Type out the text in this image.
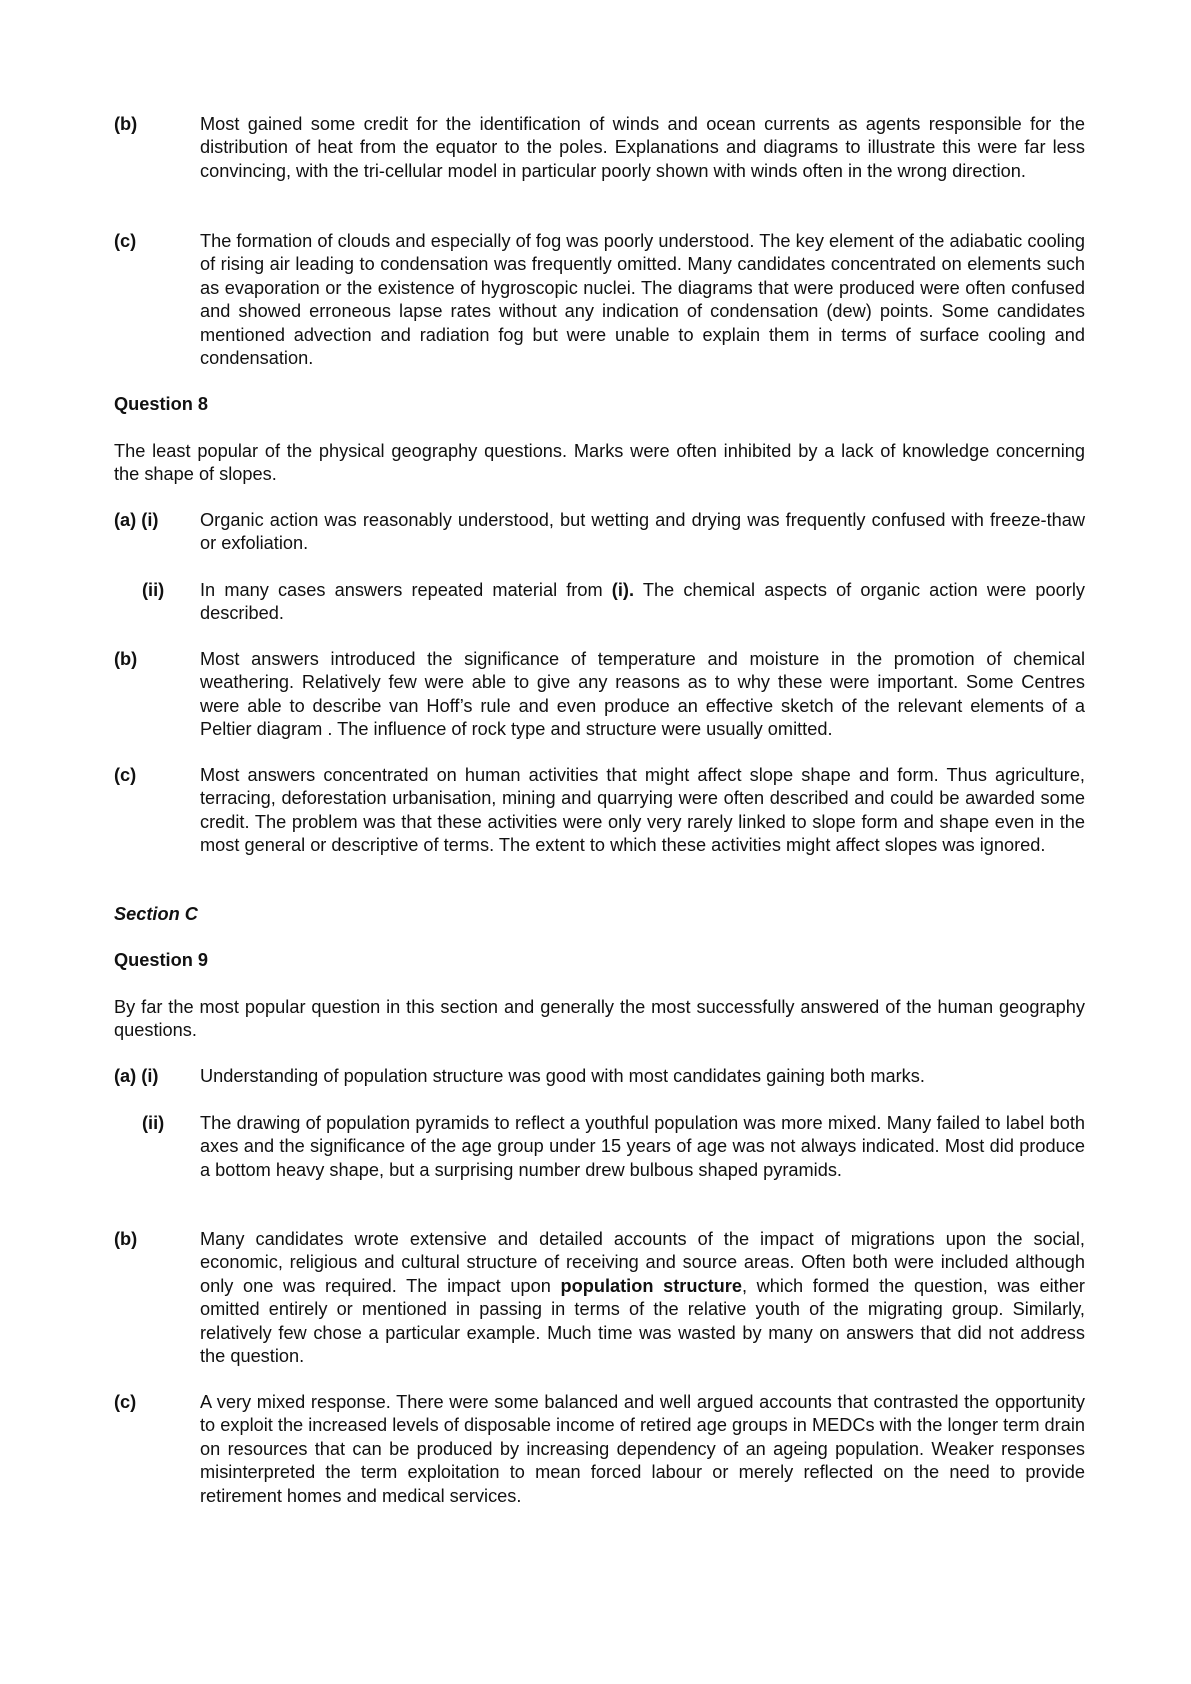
(b)	Most gained some credit for the identification of winds and ocean currents as agents responsible for the distribution of heat from the equator to the poles. Explanations and diagrams to illustrate this were far less convincing, with the tri-cellular model in particular poorly shown with winds often in the wrong direction.
(c)	The formation of clouds and especially of fog was poorly understood. The key element of the adiabatic cooling of rising air leading to condensation was frequently omitted. Many candidates concentrated on elements such as evaporation or the existence of hygroscopic nuclei. The diagrams that were produced were often confused and showed erroneous lapse rates without any indication of condensation (dew) points. Some candidates mentioned advection and radiation fog but were unable to explain them in terms of surface cooling and condensation.
Question 8
The least popular of the physical geography questions. Marks were often inhibited by a lack of knowledge concerning the shape of slopes.
(a) (i) Organic action was reasonably understood, but wetting and drying was frequently confused with freeze-thaw or exfoliation.
(ii) In many cases answers repeated material from (i). The chemical aspects of organic action were poorly described.
(b)	Most answers introduced the significance of temperature and moisture in the promotion of chemical weathering. Relatively few were able to give any reasons as to why these were important. Some Centres were able to describe van Hoff’s rule and even produce an effective sketch of the relevant elements of a Peltier diagram . The influence of rock type and structure were usually omitted.
(c)	Most answers concentrated on human activities that might affect slope shape and form. Thus agriculture, terracing, deforestation urbanisation, mining and quarrying were often described and could be awarded some credit. The problem was that these activities were only very rarely linked to slope form and shape even in the most general or descriptive of terms. The extent to which these activities might affect slopes was ignored.
Section C
Question 9
By far the most popular question in this section and generally the most successfully answered of the human geography questions.
(a) (i) Understanding of population structure was good with most candidates gaining both marks.
(ii) The drawing of population pyramids to reflect a youthful population was more mixed. Many failed to label both axes and the significance of the age group under 15 years of age was not always indicated. Most did produce a bottom heavy shape, but a surprising number drew bulbous shaped pyramids.
(b)	Many candidates wrote extensive and detailed accounts of the impact of migrations upon the social, economic, religious and cultural structure of receiving and source areas. Often both were included although only one was required. The impact upon population structure, which formed the question, was either omitted entirely or mentioned in passing in terms of the relative youth of the migrating group. Similarly, relatively few chose a particular example. Much time was wasted by many on answers that did not address the question.
(c)	A very mixed response. There were some balanced and well argued accounts that contrasted the opportunity to exploit the increased levels of disposable income of retired age groups in MEDCs with the longer term drain on resources that can be produced by increasing dependency of an ageing population. Weaker responses misinterpreted the term exploitation to mean forced labour or merely reflected on the need to provide retirement homes and medical services.
